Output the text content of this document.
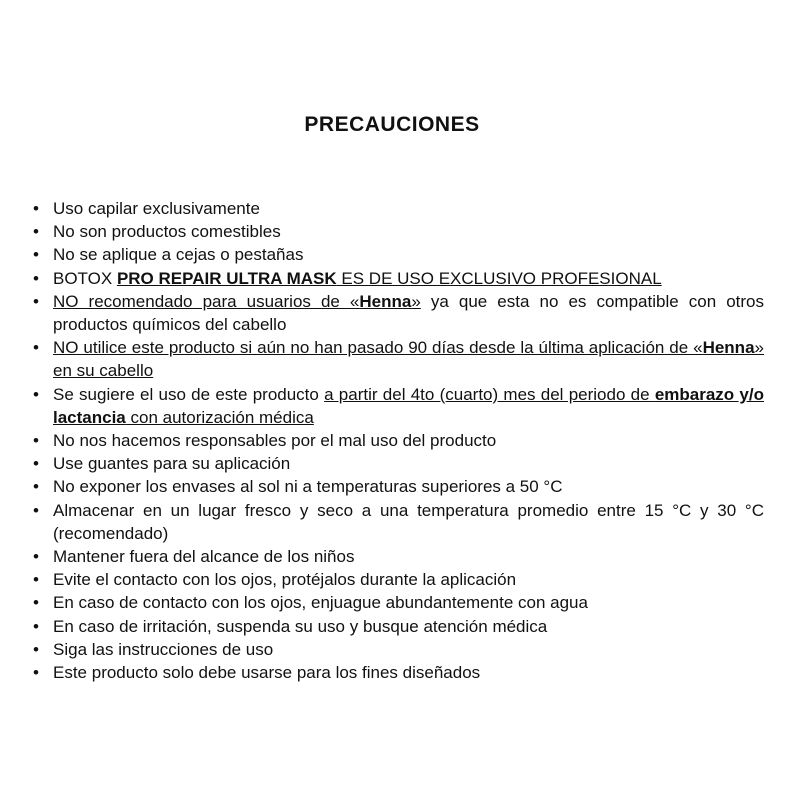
PRECAUCIONES
• Uso capilar exclusivamente
• No son productos comestibles
• No se aplique a cejas o pestañas
• BOTOX PRO REPAIR ULTRA MASK ES DE USO EXCLUSIVO PROFESIONAL
• NO recomendado para usuarios de «Henna» ya que esta no es compatible con otros productos químicos del cabello
• NO utilice este producto si aún no han pasado 90 días desde la última aplicación de «Henna» en su cabello
• Se sugiere el uso de este producto a partir del 4to (cuarto) mes del periodo de embarazo y/o lactancia con autorización médica
• No nos hacemos responsables por el mal uso del producto
• Use guantes para su aplicación
• No exponer los envases al sol ni a temperaturas superiores a 50 °C
• Almacenar en un lugar fresco y seco a una temperatura promedio entre 15 °C y 30 °C (recomendado)
• Mantener fuera del alcance de los niños
• Evite el contacto con los ojos, protéjalos durante la aplicación
• En caso de contacto con los ojos, enjuague abundantemente con agua
• En caso de irritación, suspenda su uso y busque atención médica
• Siga las instrucciones de uso
• Este producto solo debe usarse para los fines diseñados
